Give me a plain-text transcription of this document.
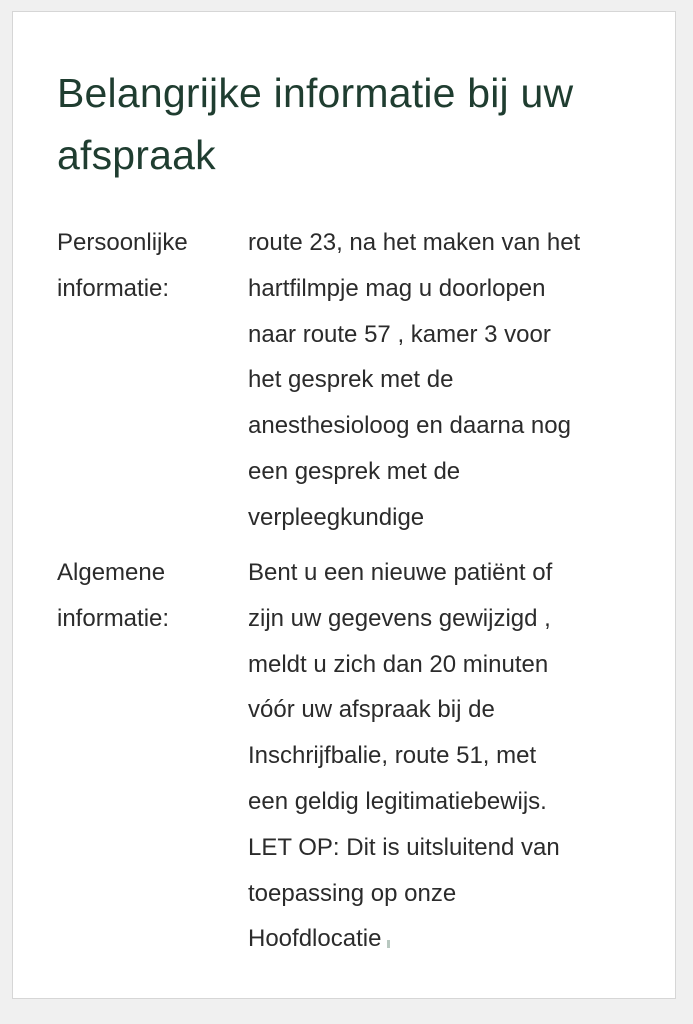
Belangrijke informatie bij uw afspraak
Persoonlijke
informatie:
route 23, na het maken van het
hartfilmpje mag u doorlopen
naar route 57 , kamer 3 voor
het gesprek met de
anesthesioloog en daarna nog
een gesprek met de
verpleegkundige
Algemene
informatie:
Bent u een nieuwe patiënt of
zijn uw gegevens gewijzigd ,
meldt u zich dan 20 minuten
vóór uw afspraak bij de
Inschrijfbalie, route 51, met
een geldig legitimatiebewijs.
LET OP: Dit is uitsluitend van
toepassing op onze
Hoofdlocatie
